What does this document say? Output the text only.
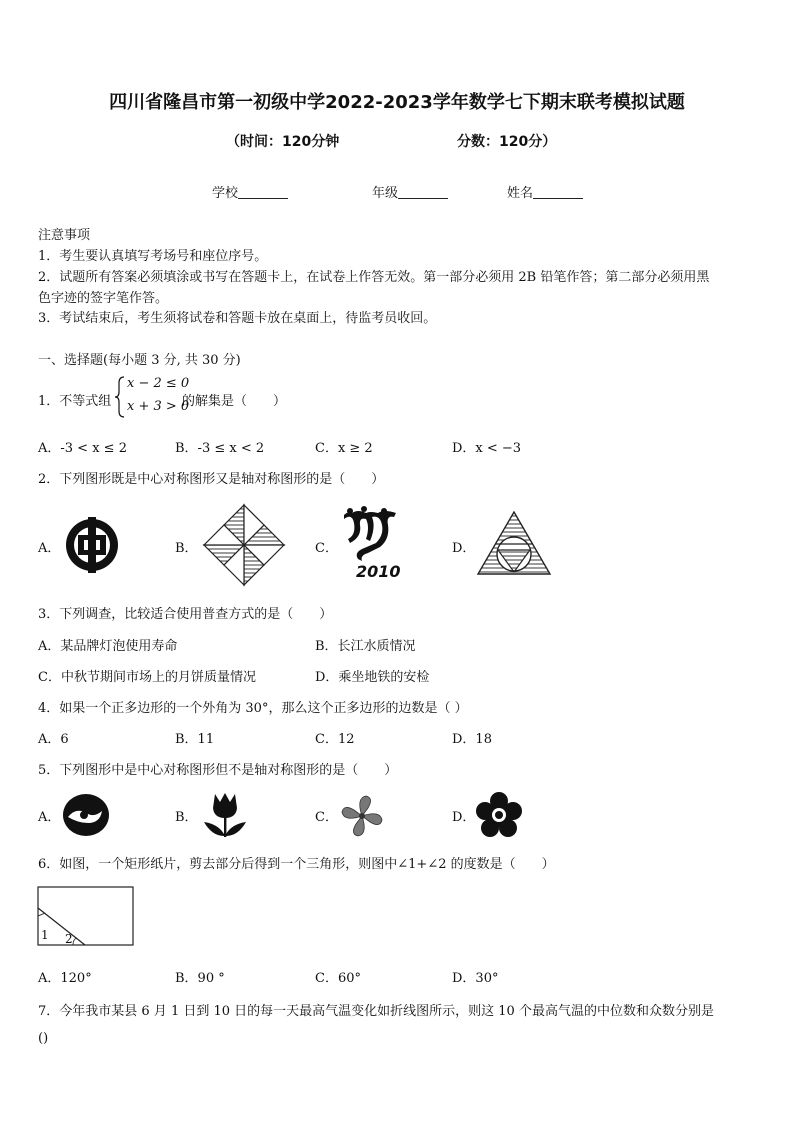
四川省隆昌市第一初级中学2022-2023学年数学七下期末联考模拟试题
（时间：120分钟	分数：120分）
学校	年级	姓名
注意事项
1．考生要认真填写考场号和座位序号。
2．试题所有答案必须填涂或书写在答题卡上，在试卷上作答无效。第一部分必须用 2B 铅笔作答；第二部分必须用黑
色字迹的签字笔作答。
3．考试结束后，考生须将试卷和答题卡放在桌面上，待监考员收回。
一、选择题(每小题 3 分, 共 30 分)
1．不等式组
x − 2 ≤ 0
x + 3 > 0
的解集是（　　）
A．-3 < x ≤ 2	B．-3 ≤ x < 2	C．x ≥ 2	D．x < −3
2．下列图形既是中心对称图形又是轴对称图形的是（　　）
A．	B．	C．	D．
2010
3．下列调查，比较适合使用普查方式的是（　　）
A．某品牌灯泡使用寿命	B．长江水质情况
C．中秋节期间市场上的月饼质量情况	D．乘坐地铁的安检
4．如果一个正多边形的一个外角为 30°，那么这个正多边形的边数是（ ）
A．6	B．11	C．12	D．18
5．下列图形中是中心对称图形但不是轴对称图形的是（　　）
A．	B．	C．	D．
6．如图，一个矩形纸片，剪去部分后得到一个三角形，则图中∠1+∠2 的度数是（　　）
1 2
A．120°	B．90 °	C．60°	D．30°
7．今年我市某县 6 月 1 日到 10 日的每一天最高气温变化如折线图所示，则这 10 个最高气温的中位数和众数分别是
()
